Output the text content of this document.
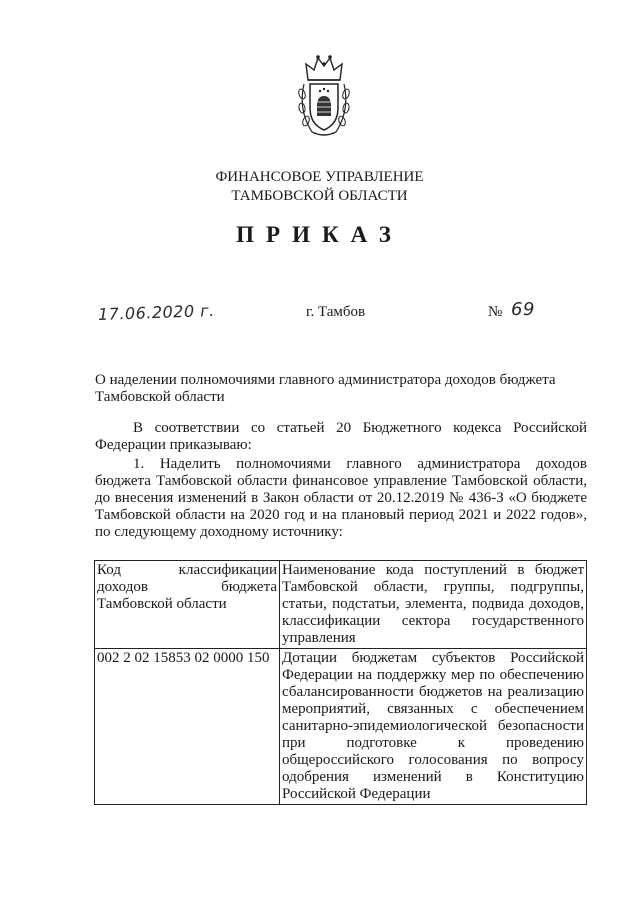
ФИНАНСОВОЕ УПРАВЛЕНИЕ
ТАМБОВСКОЙ ОБЛАСТИ
ПРИКАЗ
17.06.2020 г.	г. Тамбов	№ 69
О наделении полномочиями главного администратора доходов бюджета Тамбовской области
В соответствии со статьей 20 Бюджетного кодекса Российской Федерации приказываю:
1. Наделить полномочиями главного администратора доходов бюджета Тамбовской области финансовое управление Тамбовской области, до внесения изменений в Закон области от 20.12.2019 № 436-З «О бюджете Тамбовской области на 2020 год и на плановый период 2021 и 2022 годов», по следующему доходному источнику:
Код классификации доходов бюджета Тамбовской области	Наименование кода поступлений в бюджет Тамбовской области, группы, подгруппы, статьи, подстатьи, элемента, подвида доходов, классификации сектора государственного управления
002 2 02 15853 02 0000 150	Дотации бюджетам субъектов Российской Федерации на поддержку мер по обеспечению сбалансированности бюджетов на реализацию мероприятий, связанных с обеспечением санитарно-эпидемиологической безопасности при подготовке к проведению общероссийского голосования по вопросу одобрения изменений в Конституцию Российской Федерации
